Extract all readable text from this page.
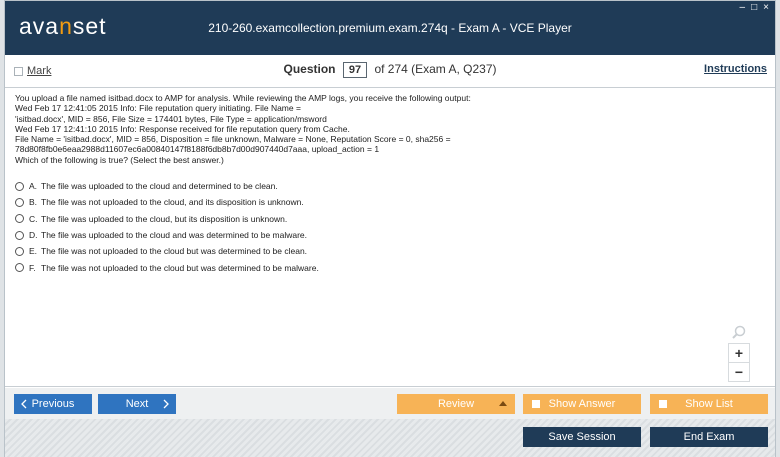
avanset	210-260.examcollection.premium.exam.274q - Exam A - VCE Player
– □ ×
Mark	Question 97 of 274 (Exam A, Q237)	Instructions
You upload a file named isitbad.docx to AMP for analysis. While reviewing the AMP logs, you receive the following output:
Wed Feb 17 12:41:05 2015 Info: File reputation query initiating. File Name =
'isitbad.docx', MID = 856, File Size = 174401 bytes, File Type = application/msword
Wed Feb 17 12:41:10 2015 Info: Response received for file reputation query from Cache.
File Name = 'isitbad.docx', MID = 856, Disposition = file unknown, Malware = None, Reputation Score = 0, sha256 =
78d80f8fb0e6eaa2988d11607ec6a00840147f8188f6db8b7d00d907440d7aaa, upload_action = 1
Which of the following is true? (Select the best answer.)
A. The file was uploaded to the cloud and determined to be clean.
B. The file was not uploaded to the cloud, and its disposition is unknown.
C. The file was uploaded to the cloud, but its disposition is unknown.
D. The file was uploaded to the cloud and was determined to be malware.
E. The file was not uploaded to the cloud but was determined to be clean.
F. The file was not uploaded to the cloud but was determined to be malware.
+
−
Previous	Next	Review	Show Answer	Show List
Save Session	End Exam
